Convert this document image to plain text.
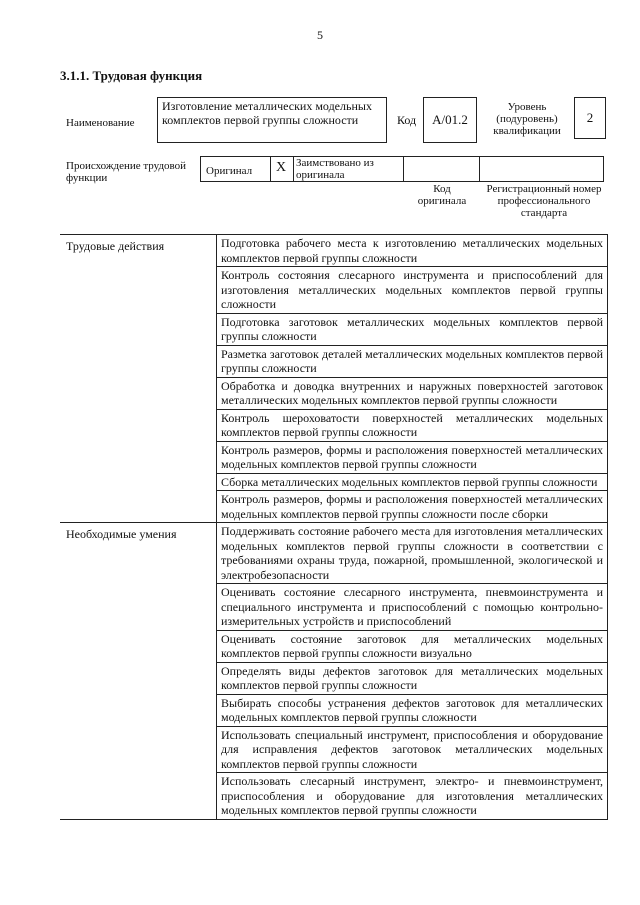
5
3.1.1. Трудовая функция
Наименование
Изготовление металлических модельных комплектов первой группы сложности	Код A/01.2
Уровень (подуровень) квалификации
2
Происхождение трудовой функции
Оригинал	X Заимствовано из оригинала
Код оригинала
Регистрационный номер профессионального стандарта
Трудовые действия	Подготовка рабочего места к изготовлению металлических модельных комплектов первой группы сложности
	Контроль состояния слесарного инструмента и приспособлений для изготовления металлических модельных комплектов первой группы сложности
	Подготовка заготовок металлических модельных комплектов первой группы сложности
	Разметка заготовок деталей металлических модельных комплектов первой группы сложности
	Обработка и доводка внутренних и наружных поверхностей заготовок металлических модельных комплектов первой группы сложности
	Контроль шероховатости поверхностей металлических модельных комплектов первой группы сложности
	Контроль размеров, формы и расположения поверхностей металлических модельных комплектов первой группы сложности
	Сборка металлических модельных комплектов первой группы сложности
	Контроль размеров, формы и расположения поверхностей металлических модельных комплектов первой группы сложности после сборки
Необходимые умения	Поддерживать состояние рабочего места для изготовления металлических модельных комплектов первой группы сложности в соответствии с требованиями охраны труда, пожарной, промышленной, экологической и электробезопасности
	Оценивать состояние слесарного инструмента, пневмоинструмента и специального инструмента и приспособлений с помощью контрольно-измерительных устройств и приспособлений
	Оценивать состояние заготовок для металлических модельных комплектов первой группы сложности визуально
	Определять виды дефектов заготовок для металлических модельных комплектов первой группы сложности
	Выбирать способы устранения дефектов заготовок для металлических модельных комплектов первой группы сложности
	Использовать специальный инструмент, приспособления и оборудование для исправления дефектов заготовок металлических модельных комплектов первой группы сложности
	Использовать слесарный инструмент, электро- и пневмоинструмент, приспособления и оборудование для изготовления металлических модельных комплектов первой группы сложности
